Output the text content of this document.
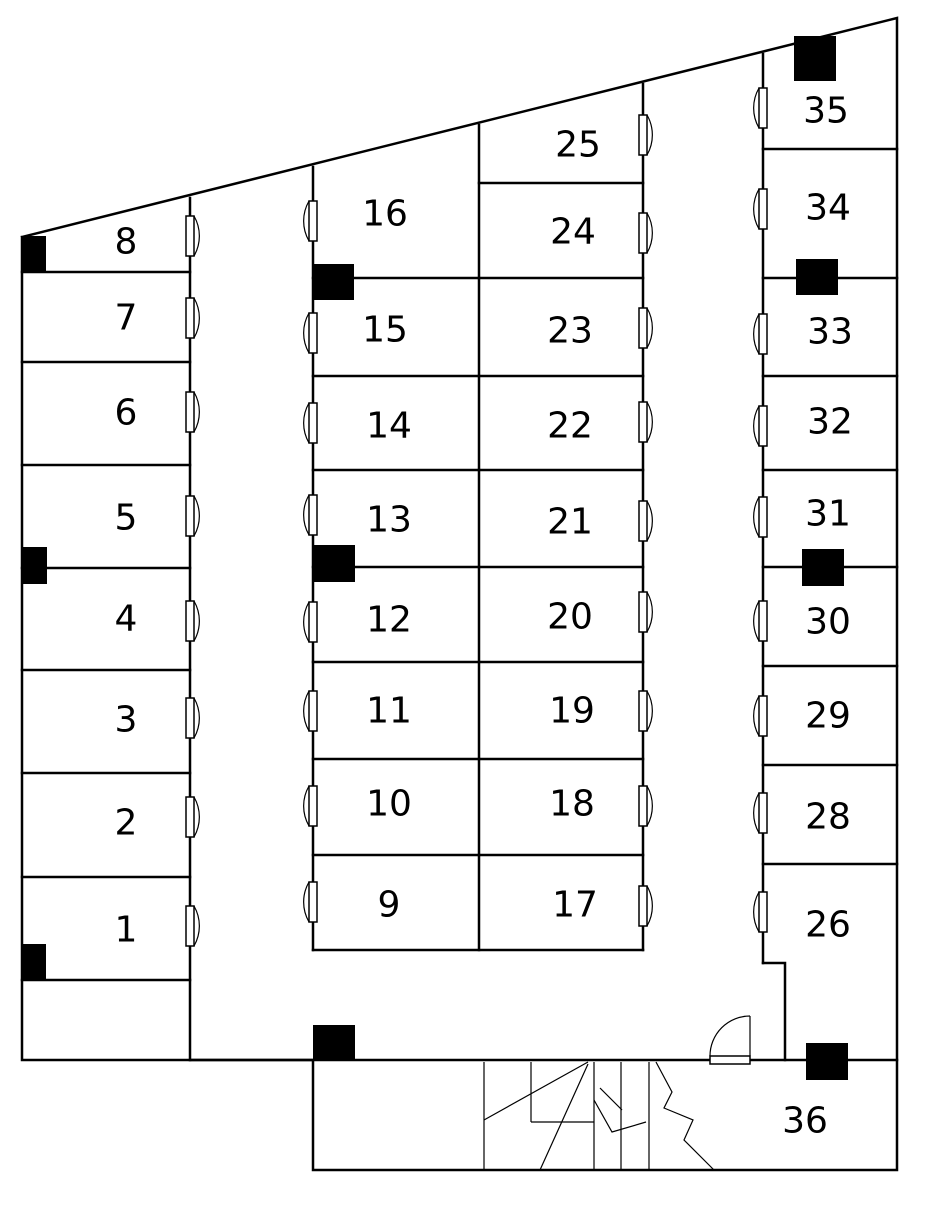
1
2
3
4
5
6
7
8
9
10
11
12
13
14
15
16
17
18
19
20
21
22
23
24
25
26
28
29
30
31
32
33
34
35
36
